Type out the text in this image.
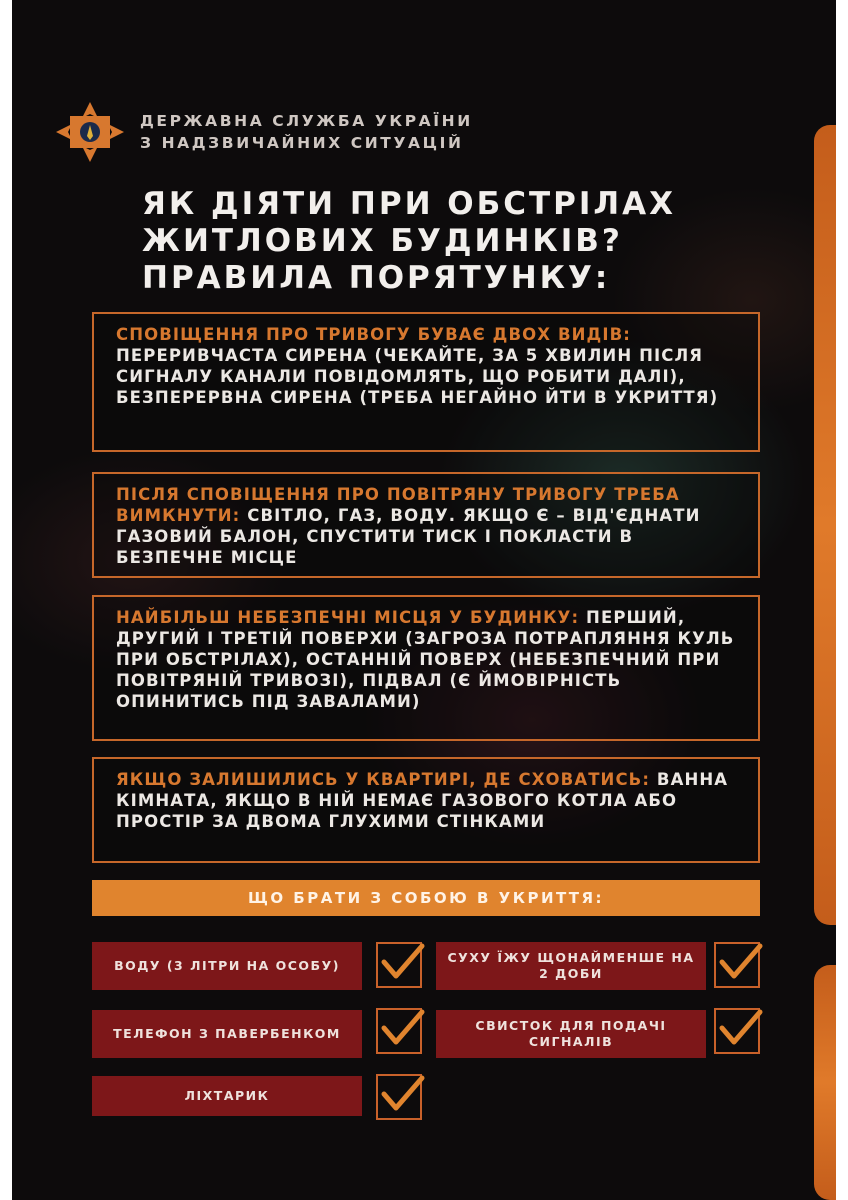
ДЕРЖАВНА СЛУЖБА УКРАЇНИ
З НАДЗВИЧАЙНИХ СИТУАЦІЙ
ЯК ДІЯТИ ПРИ ОБСТРІЛАХ
ЖИТЛОВИХ БУДИНКІВ?
ПРАВИЛА ПОРЯТУНКУ:
СПОВІЩЕННЯ ПРО ТРИВОГУ БУВАЄ ДВОХ ВИДІВ: ПЕРЕРИВЧАСТА СИРЕНА (ЧЕКАЙТЕ, ЗА 5 ХВИЛИН ПІСЛЯ СИГНАЛУ КАНАЛИ ПОВІДОМЛЯТЬ, ЩО РОБИТИ ДАЛІ), БЕЗПЕРЕРВНА СИРЕНА (ТРЕБА НЕГАЙНО ЙТИ В УКРИТТЯ)
ПІСЛЯ СПОВІЩЕННЯ ПРО ПОВІТРЯНУ ТРИВОГУ ТРЕБА ВИМКНУТИ: СВІТЛО, ГАЗ, ВОДУ. ЯКЩО Є – ВІД'ЄДНАТИ ГАЗОВИЙ БАЛОН, СПУСТИТИ ТИСК І ПОКЛАСТИ В БЕЗПЕЧНЕ МІСЦЕ
НАЙБІЛЬШ НЕБЕЗПЕЧНІ МІСЦЯ У БУДИНКУ: ПЕРШИЙ, ДРУГИЙ І ТРЕТІЙ ПОВЕРХИ (ЗАГРОЗА ПОТРАПЛЯННЯ КУЛЬ ПРИ ОБСТРІЛАХ), ОСТАННІЙ ПОВЕРХ (НЕБЕЗПЕЧНИЙ ПРИ ПОВІТРЯНІЙ ТРИВОЗІ), ПІДВАЛ (Є ЙМОВІРНІСТЬ ОПИНИТИСЬ ПІД ЗАВАЛАМИ)
ЯКЩО ЗАЛИШИЛИСЬ У КВАРТИРІ, ДЕ СХОВАТИСЬ: ВАННА КІМНАТА, ЯКЩО В НІЙ НЕМАЄ ГАЗОВОГО КОТЛА АБО ПРОСТІР ЗА ДВОМА ГЛУХИМИ СТІНКАМИ
ЩО БРАТИ З СОБОЮ В УКРИТТЯ:
ВОДУ (3 ЛІТРИ НА ОСОБУ)
СУХУ ЇЖУ ЩОНАЙМЕНШЕ НА 2 ДОБИ
ТЕЛЕФОН З ПАВЕРБЕНКОМ
СВИСТОК ДЛЯ ПОДАЧІ СИГНАЛІВ
ЛІХТАРИК
